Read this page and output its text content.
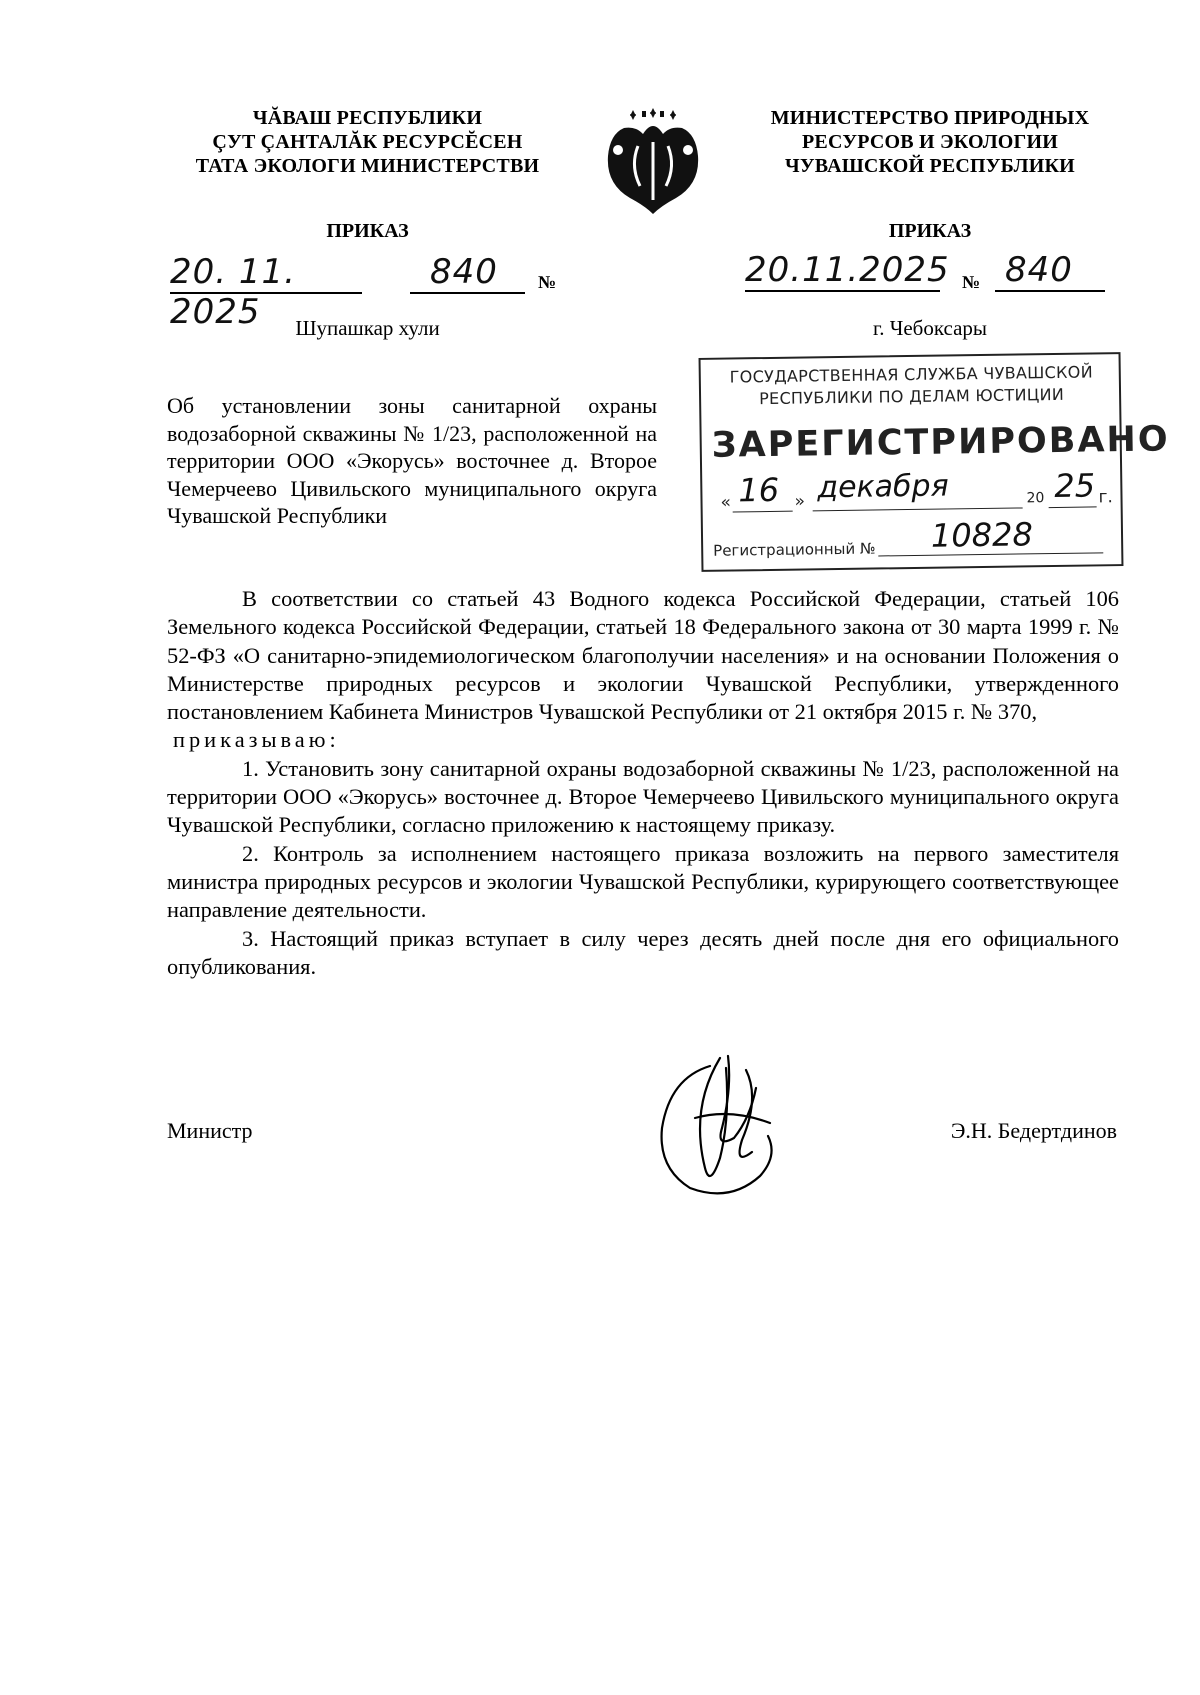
ЧĂВАШ РЕСПУБЛИКИ
ÇУТ ÇАНТАЛĂК РЕСУРСĔСЕН
ТАТА ЭКОЛОГИ МИНИСТЕРСТВИ
МИНИСТЕРСТВО ПРИРОДНЫХ
РЕСУРСОВ И ЭКОЛОГИИ
ЧУВАШСКОЙ РЕСПУБЛИКИ
ПРИКАЗ	ПРИКАЗ
20. 11. 2025
840	№	20.11.2025 № 840
Шупашкар хули	г. Чебоксары
ГОСУДАРСТВЕННАЯ СЛУЖБА ЧУВАШСКОЙ
РЕСПУБЛИКИ ПО ДЕЛАМ ЮСТИЦИИ
ЗАРЕГИСТРИРОВАНО
« 16 » декабря	20 25 г.
Регистрационный № 10828
Об установлении зоны санитарной охраны водозаборной скважины № 1/23, расположенной на территории ООО «Экорусь» восточнее д. Второе Чемерчеево Цивильского муниципального округа Чувашской Республики

В соответствии со статьей 43 Водного кодекса Российской Федерации, статьей 106 Земельного кодекса Российской Федерации, статьей 18 Федерального закона от 30 марта 1999 г. № 52-ФЗ «О санитарно-эпидемиологическом благополучии населения» и на основании Положения о Министерстве природных ресурсов и экологии Чувашской Республики, утвержденного постановлением Кабинета Министров Чувашской Республики от 21 октября 2015 г. № 370,

приказываю:

1. Установить зону санитарной охраны водозаборной скважины № 1/23, расположенной на территории ООО «Экорусь» восточнее д. Второе Чемерчеево Цивильского муниципального округа Чувашской Республики, согласно приложению к настоящему приказу.

2. Контроль за исполнением настоящего приказа возложить на первого заместителя министра природных ресурсов и экологии Чувашской Республики, курирующего соответствующее направление деятельности.

3. Настоящий приказ вступает в силу через десять дней после дня его официального опубликования.

Министр	Э.Н. Бедертдинов
